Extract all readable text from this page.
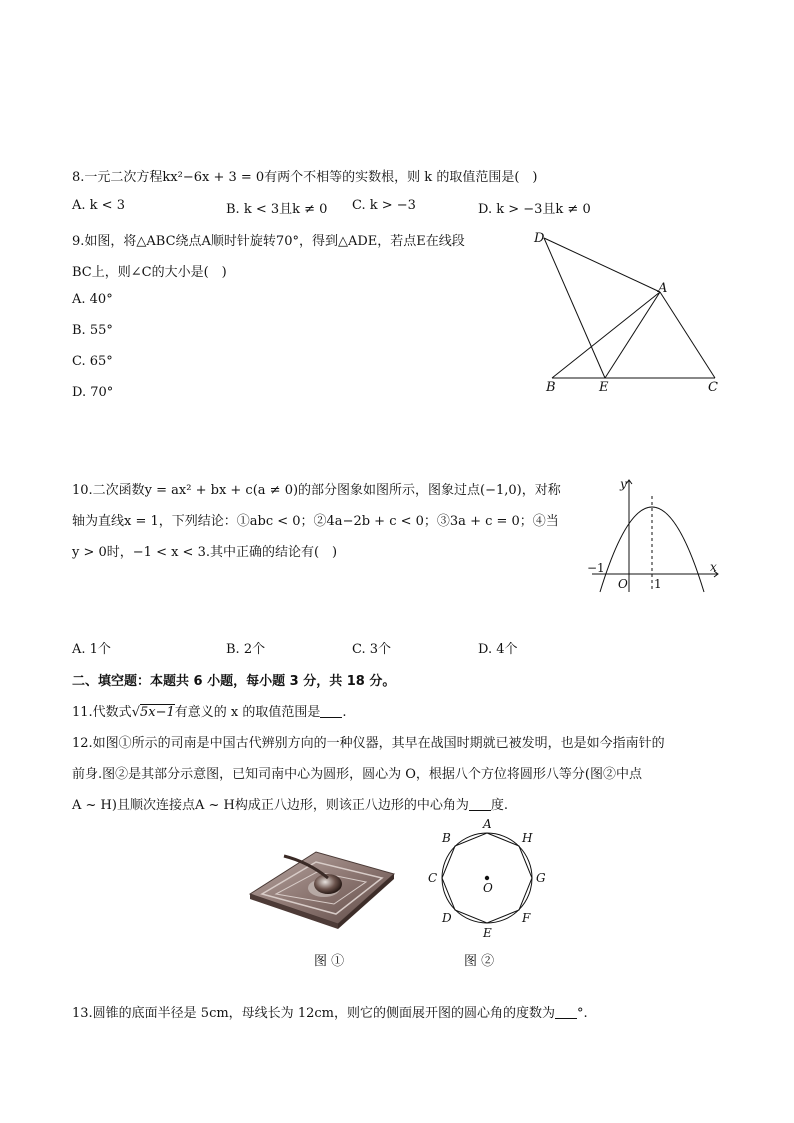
8.一元二次方程kx²−6x + 3 = 0有两个不相等的实数根，则 k 的取值范围是( )
A. k < 3	B. k < 3且k ≠ 0 C. k > −3	D. k > −3且k ≠ 0
9.如图，将△ABC绕点A顺时针旋转70°，得到△ADE，若点E在线段
BC上，则∠C的大小是( )
A. 40°
B. 55°
C. 65°
D. 70°
D
A
B	E	C
10.二次函数y = ax² + bx + c(a ≠ 0)的部分图象如图所示，图象过点(−1,0)，对称
轴为直线x = 1，下列结论：①abc < 0；②4a−2b + c < 0；③3a + c = 0；④当
y > 0时，−1 < x < 3.其中正确的结论有( )
y
x
O
−1
1
A. 1个	B. 2个	C. 3个	D. 4个
二、填空题：本题共 6 小题，每小题 3 分，共 18 分。
11.代数式√5x−1有意义的 x 的取值范围是 .
12.如图①所示的司南是中国古代辨别方向的一种仪器，其早在战国时期就已被发明，也是如今指南针的
前身.图②是其部分示意图，已知司南中心为圆形，圆心为 O，根据八个方位将圆形八等分(图②中点
A ~ H)且顺次连接点A ~ H构成正八边形，则该正八边形的中心角为 度.
A
H
G
F
E
D
C
B
O
图 ①	图 ②
13.圆锥的底面半径是 5cm，母线长为 12cm，则它的侧面展开图的圆心角的度数为 °.
